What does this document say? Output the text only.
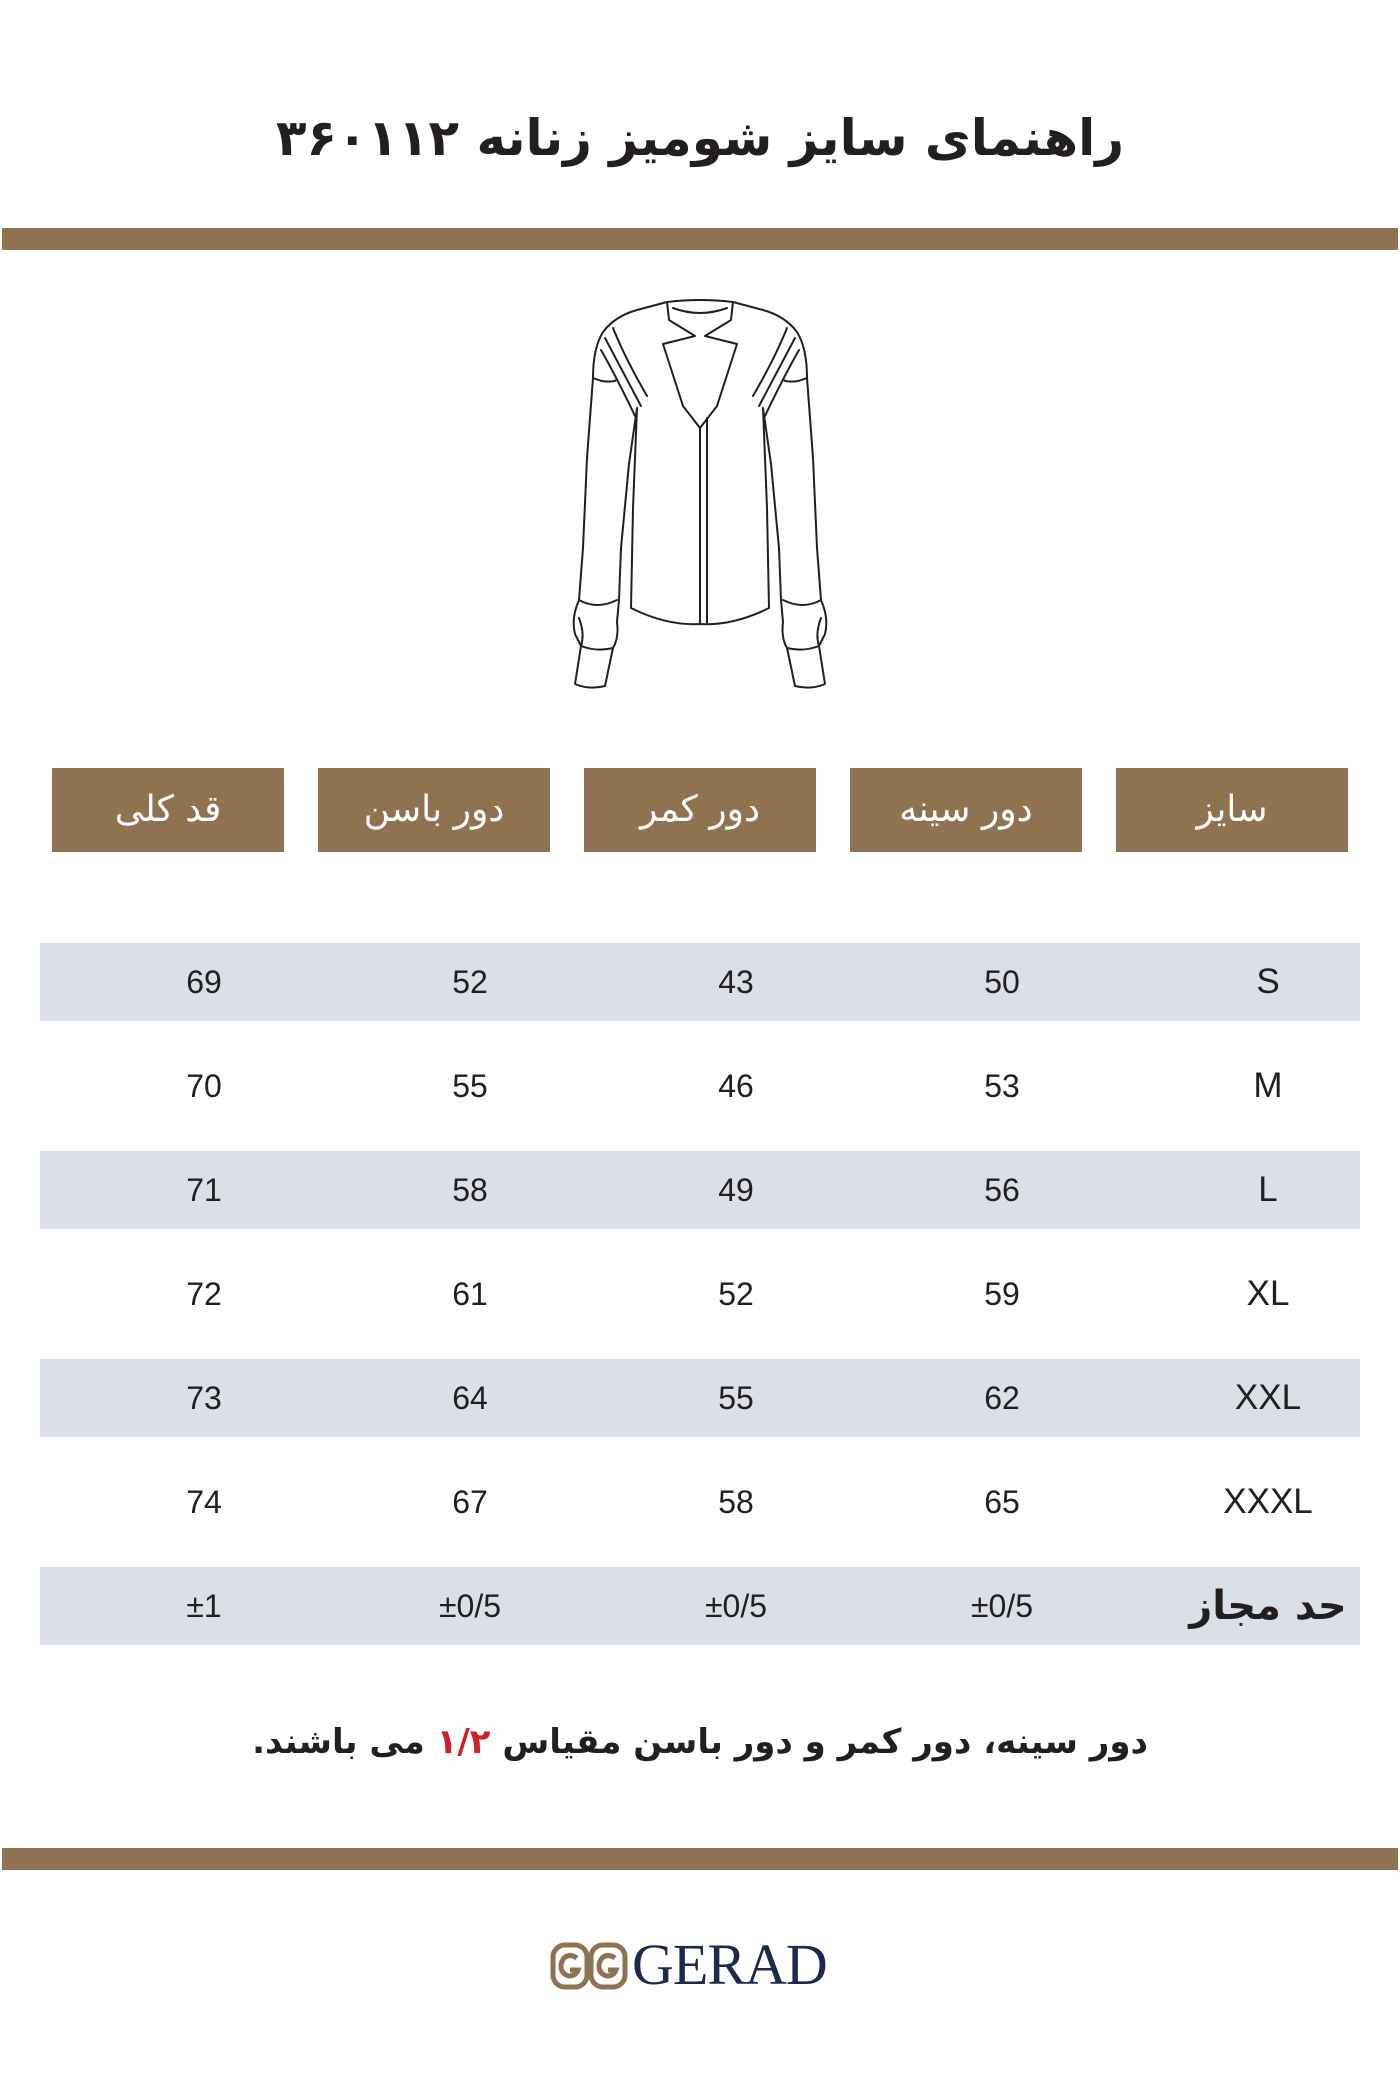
راهنمای سایز شومیز زنانه ۳۶۰۱۱۲
سایز
دور سینه
دور کمر
دور باسن
قد کلی
S
50
43
52
69
M
53
46
55
70
L
56
49
58
71
XL
59
52
61
72
XXL
62
55
64
73
XXXL
65
58
67
74
حد مجاز
±0/5
±0/5
±0/5
±1
دور سینه، دور کمر و دور باسن مقیاس ۱/۲ می باشند.
GERAD
